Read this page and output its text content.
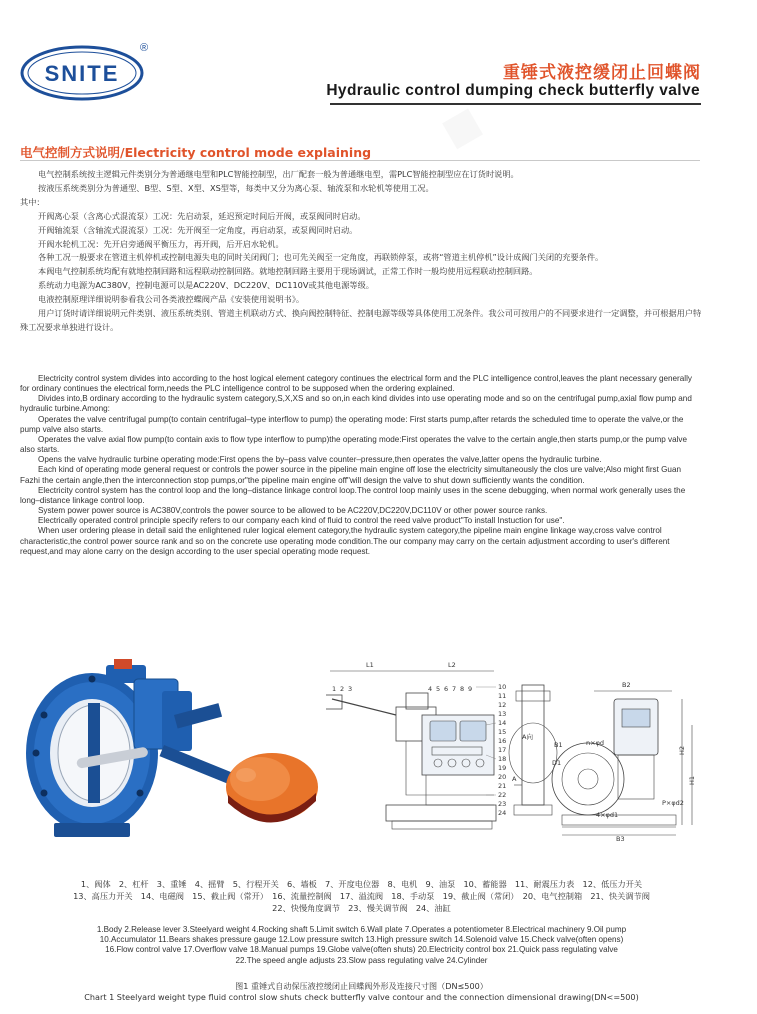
▪
SNITE
®
重锤式液控缓闭止回蝶阀
Hydraulic control dumping check butterfly valve
电气控制方式说明/Electricity control mode explaining

电气控制系统按主逻辑元件类别分为普通继电型和PLC智能控制型，出厂配套一般为普通继电型，需PLC智能控制型应在订货时说明。

按液压系统类别分为普通型、B型、S型、X型、XS型等，每类中又分为离心泵、轴流泵和水轮机等使用工况。

其中：

开阀离心泵（含离心式混流泵）工况：先启动泵，延迟预定时间后开阀，或泵阀同时启动。

开阀轴流泵（含轴流式混流泵）工况：先开阀至一定角度，再启动泵，或泵阀同时启动。

开阀水轮机工况：先开启旁通阀平衡压力，再开阀，后开启水轮机。

各种工况一般要求在管道主机停机或控制电源失电的同时关闭阀门；也可先关阀至一定角度，再联锁停泵，或将“管道主机停机”设计成阀门关闭的充要条件。

本阀电气控制系统均配有就地控制回路和远程联动控制回路。就地控制回路主要用于现场调试，正常工作时一般均使用远程联动控制回路。

系统动力电源为AC380V，控制电源可以是AC220V、DC220V、DC110V或其他电源等级。

电液控制原理详细说明参看我公司各类液控蝶阀产品《安装使用说明书》。

用户订货时请详细说明元件类别、液压系统类别、管道主机联动方式、换向阀控制特征、控制电源等级等具体使用工况条件。我公司可按用户的不同要求进行一定调整，并可根据用户特殊工况要求单独进行设计。

Electricity control system divides into according to the host logical element category continues the electrical form and the PLC intelligence control,leaves the plant necessary generally for ordinary continues the electrical form,needs the PLC intelligence control to be supposed when the ordering explained.

Divides into,B ordinary according to the hydraulic system category,S,X,XS and so on,in each kind divides into use operating mode and so on the centrifugal pump,axial flow pump and hydraulic turbine.Among:

Operates the valve centrifugal pump(to contain centrifugal–type interflow to pump) the operating mode: First starts pump,after retards the scheduled time to operate the valve,or the pump valve also starts.

Operates the valve axial flow pump(to contain axis to flow type interflow to pump)the operating mode:First operates the valve to the certain angle,then starts pump,or the pump valve also starts.

Opens the valve hydraulic turbine operating mode:First opens the by–pass valve counter–pressure,then operates the valve,latter opens the hydraulic turbine.

Each kind of operating mode general request or controls the power source in the pipeline main engine off lose the electricity simultaneously the clos ure valve;Also might first Guan Fazhi the certain angle,then the interconnection stop pumps,or"the pipeline main engine off"will design the valve to shut down sufficiently wants the condition.

Electricity control system has the control loop and the long–distance linkage control loop.The control loop mainly uses in the scene debugging, when normal work generally uses the long–distance linkage control loop.

System power power source is AC380V,controls the power source to be allowed to be AC220V,DC220V,DC110V or other power source ranks.

Electrically operated control principle specify refers to our company each kind of fluid to control the reed valve product"To install Instuction for use".

When user ordering please in detail said the enlightened ruler logical element category,the hydraulic system category,the pipeline main engine linkage way,cross valve control characteristic,the control power source rank and so on the concrete use operating mode condition.The our company may carry on the certain adjustment according to user's different request,and may alone carry on the design according to the user special operating mode request.

L1	L2
1 2 3	4 5 6 7 8 9	10
11
12
13
14
15
16
17
18
19
20
21
22
23
24
A向
B1
A
B2
B3
n×φd
4×φd1
D1
P×φd2
H2
H1

1、阀体　2、杠杆　3、重锤　4、摇臂　5、行程开关　6、墙板　7、开度电位器　8、电机　9、油泵　10、蓄能器　11、耐震压力表　12、低压力开关

13、高压力开关　14、电磁阀　15、截止阀（常开）　16、流量控制阀　17、溢流阀　18、手动泵　19、截止阀（常闭）　20、电气控制箱　21、快关调节阀

22、快慢角度调节　23、慢关调节阀　24、油缸

1.Body 2.Release lever 3.Steelyard weight 4.Rocking shaft 5.Limit switch 6.Wall plate 7.Operates a potentiometer 8.Electrical machinery 9.Oil pump

10.Accumulator 11.Bears shakes pressure gauge 12.Low pressure switch 13.High pressure switch 14.Solenoid valve 15.Check valve(often opens)

16.Flow control valve 17.Overflow valve 18.Manual pumps 19.Globe valve(often shuts) 20.Electricity control box 21.Quick pass regulating valve

22.The speed angle adjusts 23.Slow pass regulating valve 24.Cylinder

图1 重锤式自动保压液控缓闭止回蝶阀外形及连接尺寸图（DN≤500）

Chart 1 Steelyard weight type fluid control slow shuts check butterfly valve contour and the connection dimensional drawing(DN<=500)
